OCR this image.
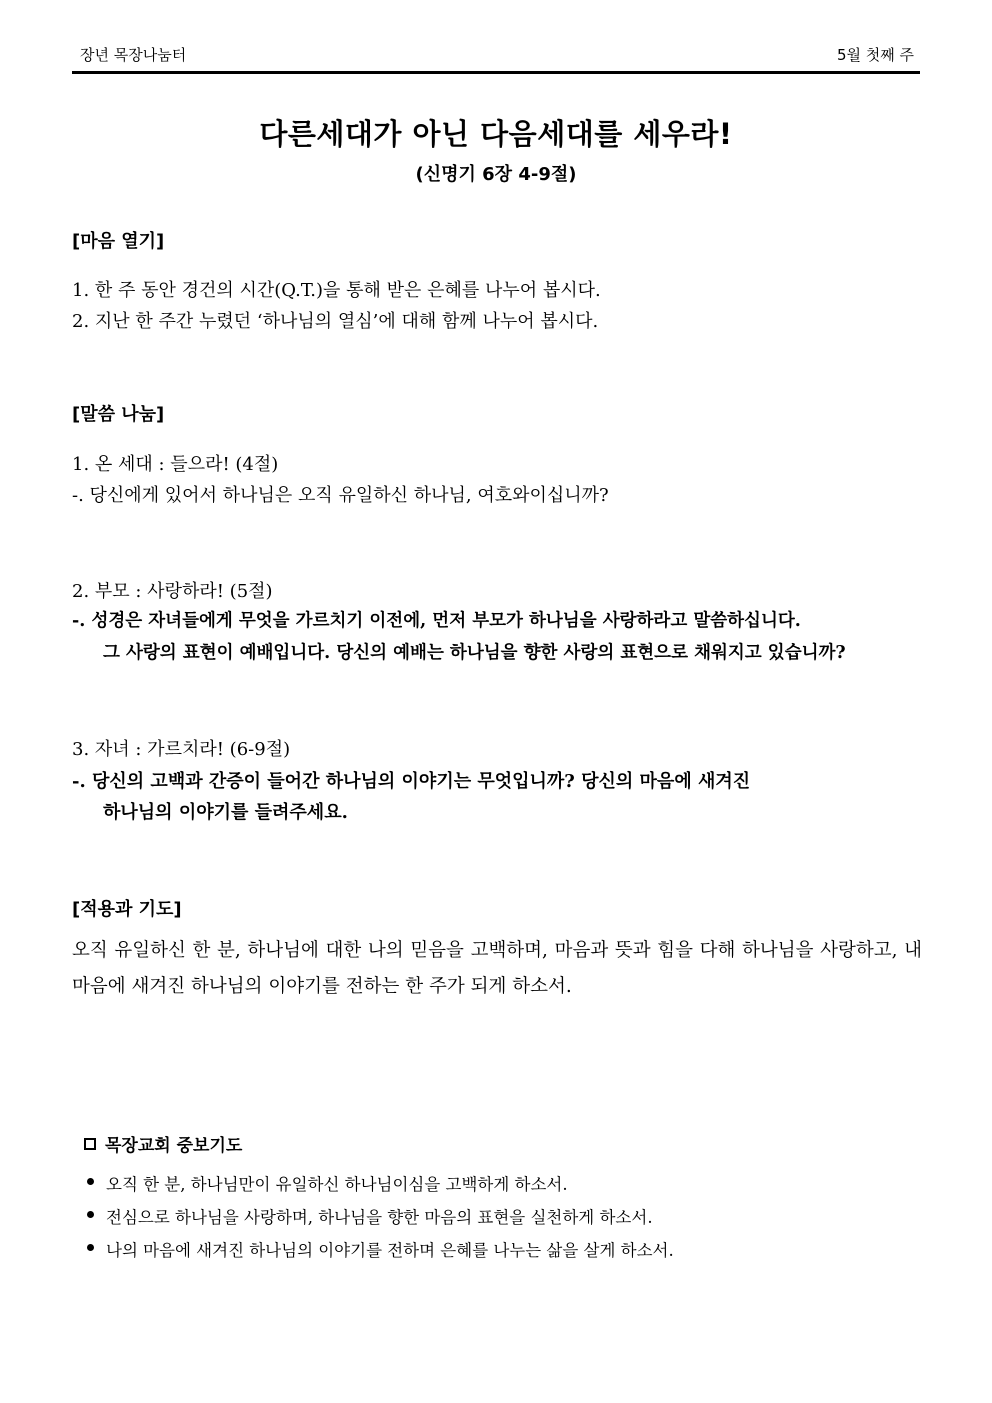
장년 목장나눔터	5월 첫째 주
다른세대가 아닌 다음세대를 세우라!
(신명기 6장 4-9절)
[마음 열기]
1. 한 주 동안 경건의 시간(Q.T.)을 통해 받은 은혜를 나누어 봅시다.
2. 지난 한 주간 누렸던 ‘하나님의 열심’에 대해 함께 나누어 봅시다.
[말씀 나눔]
1. 온 세대 : 들으라! (4절)
-. 당신에게 있어서 하나님은 오직 유일하신 하나님, 여호와이십니까?
2. 부모 : 사랑하라! (5절)
-. 성경은 자녀들에게 무엇을 가르치기 이전에, 먼저 부모가 하나님을 사랑하라고 말씀하십니다.
그 사랑의 표현이 예배입니다. 당신의 예배는 하나님을 향한 사랑의 표현으로 채워지고 있습니까?
3. 자녀 : 가르치라! (6-9절)
-. 당신의 고백과 간증이 들어간 하나님의 이야기는 무엇입니까? 당신의 마음에 새겨진
하나님의 이야기를 들려주세요.
[적용과 기도]
오직 유일하신 한 분, 하나님에 대한 나의 믿음을 고백하며, 마음과 뜻과 힘을 다해 하나님을 사랑하고, 내 마음에 새겨진 하나님의 이야기를 전하는 한 주가 되게 하소서.
목장교회 중보기도
오직 한 분, 하나님만이 유일하신 하나님이심을 고백하게 하소서.
전심으로 하나님을 사랑하며, 하나님을 향한 마음의 표현을 실천하게 하소서.
나의 마음에 새겨진 하나님의 이야기를 전하며 은혜를 나누는 삶을 살게 하소서.
